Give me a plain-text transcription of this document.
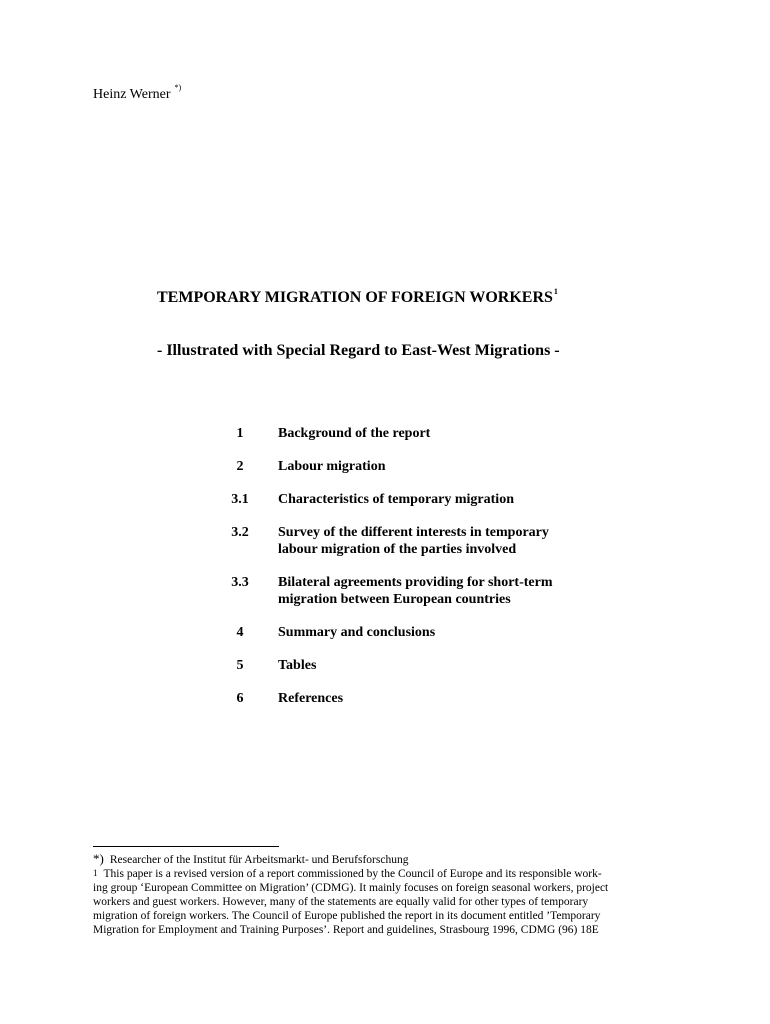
Heinz Werner *)
TEMPORARY MIGRATION OF FOREIGN WORKERS$^1$
- Illustrated with Special Regard to East-West Migrations -
1	Background of the report
2	Labour migration
3.1	Characteristics of temporary migration
3.2	Survey of the different interests in temporary
labour migration of the parties involved
3.3	Bilateral agreements providing for short-term
migration between European countries
4	Summary and conclusions
5	Tables
6	References
*) Researcher of the Institut für Arbeitsmarkt- und Berufsforschung
$^1$ This paper is a revised version of a report commissioned by the Council of Europe and its responsible work-
ing group ‘European Committee on Migration’ (CDMG). It mainly focuses on foreign seasonal workers, project
workers and guest workers. However, many of the statements are equally valid for other types of temporary
migration of foreign workers. The Council of Europe published the report in its document entitled ’Temporary
Migration for Employment and Training Purposes’. Report and guidelines, Strasbourg 1996, CDMG (96) 18E
